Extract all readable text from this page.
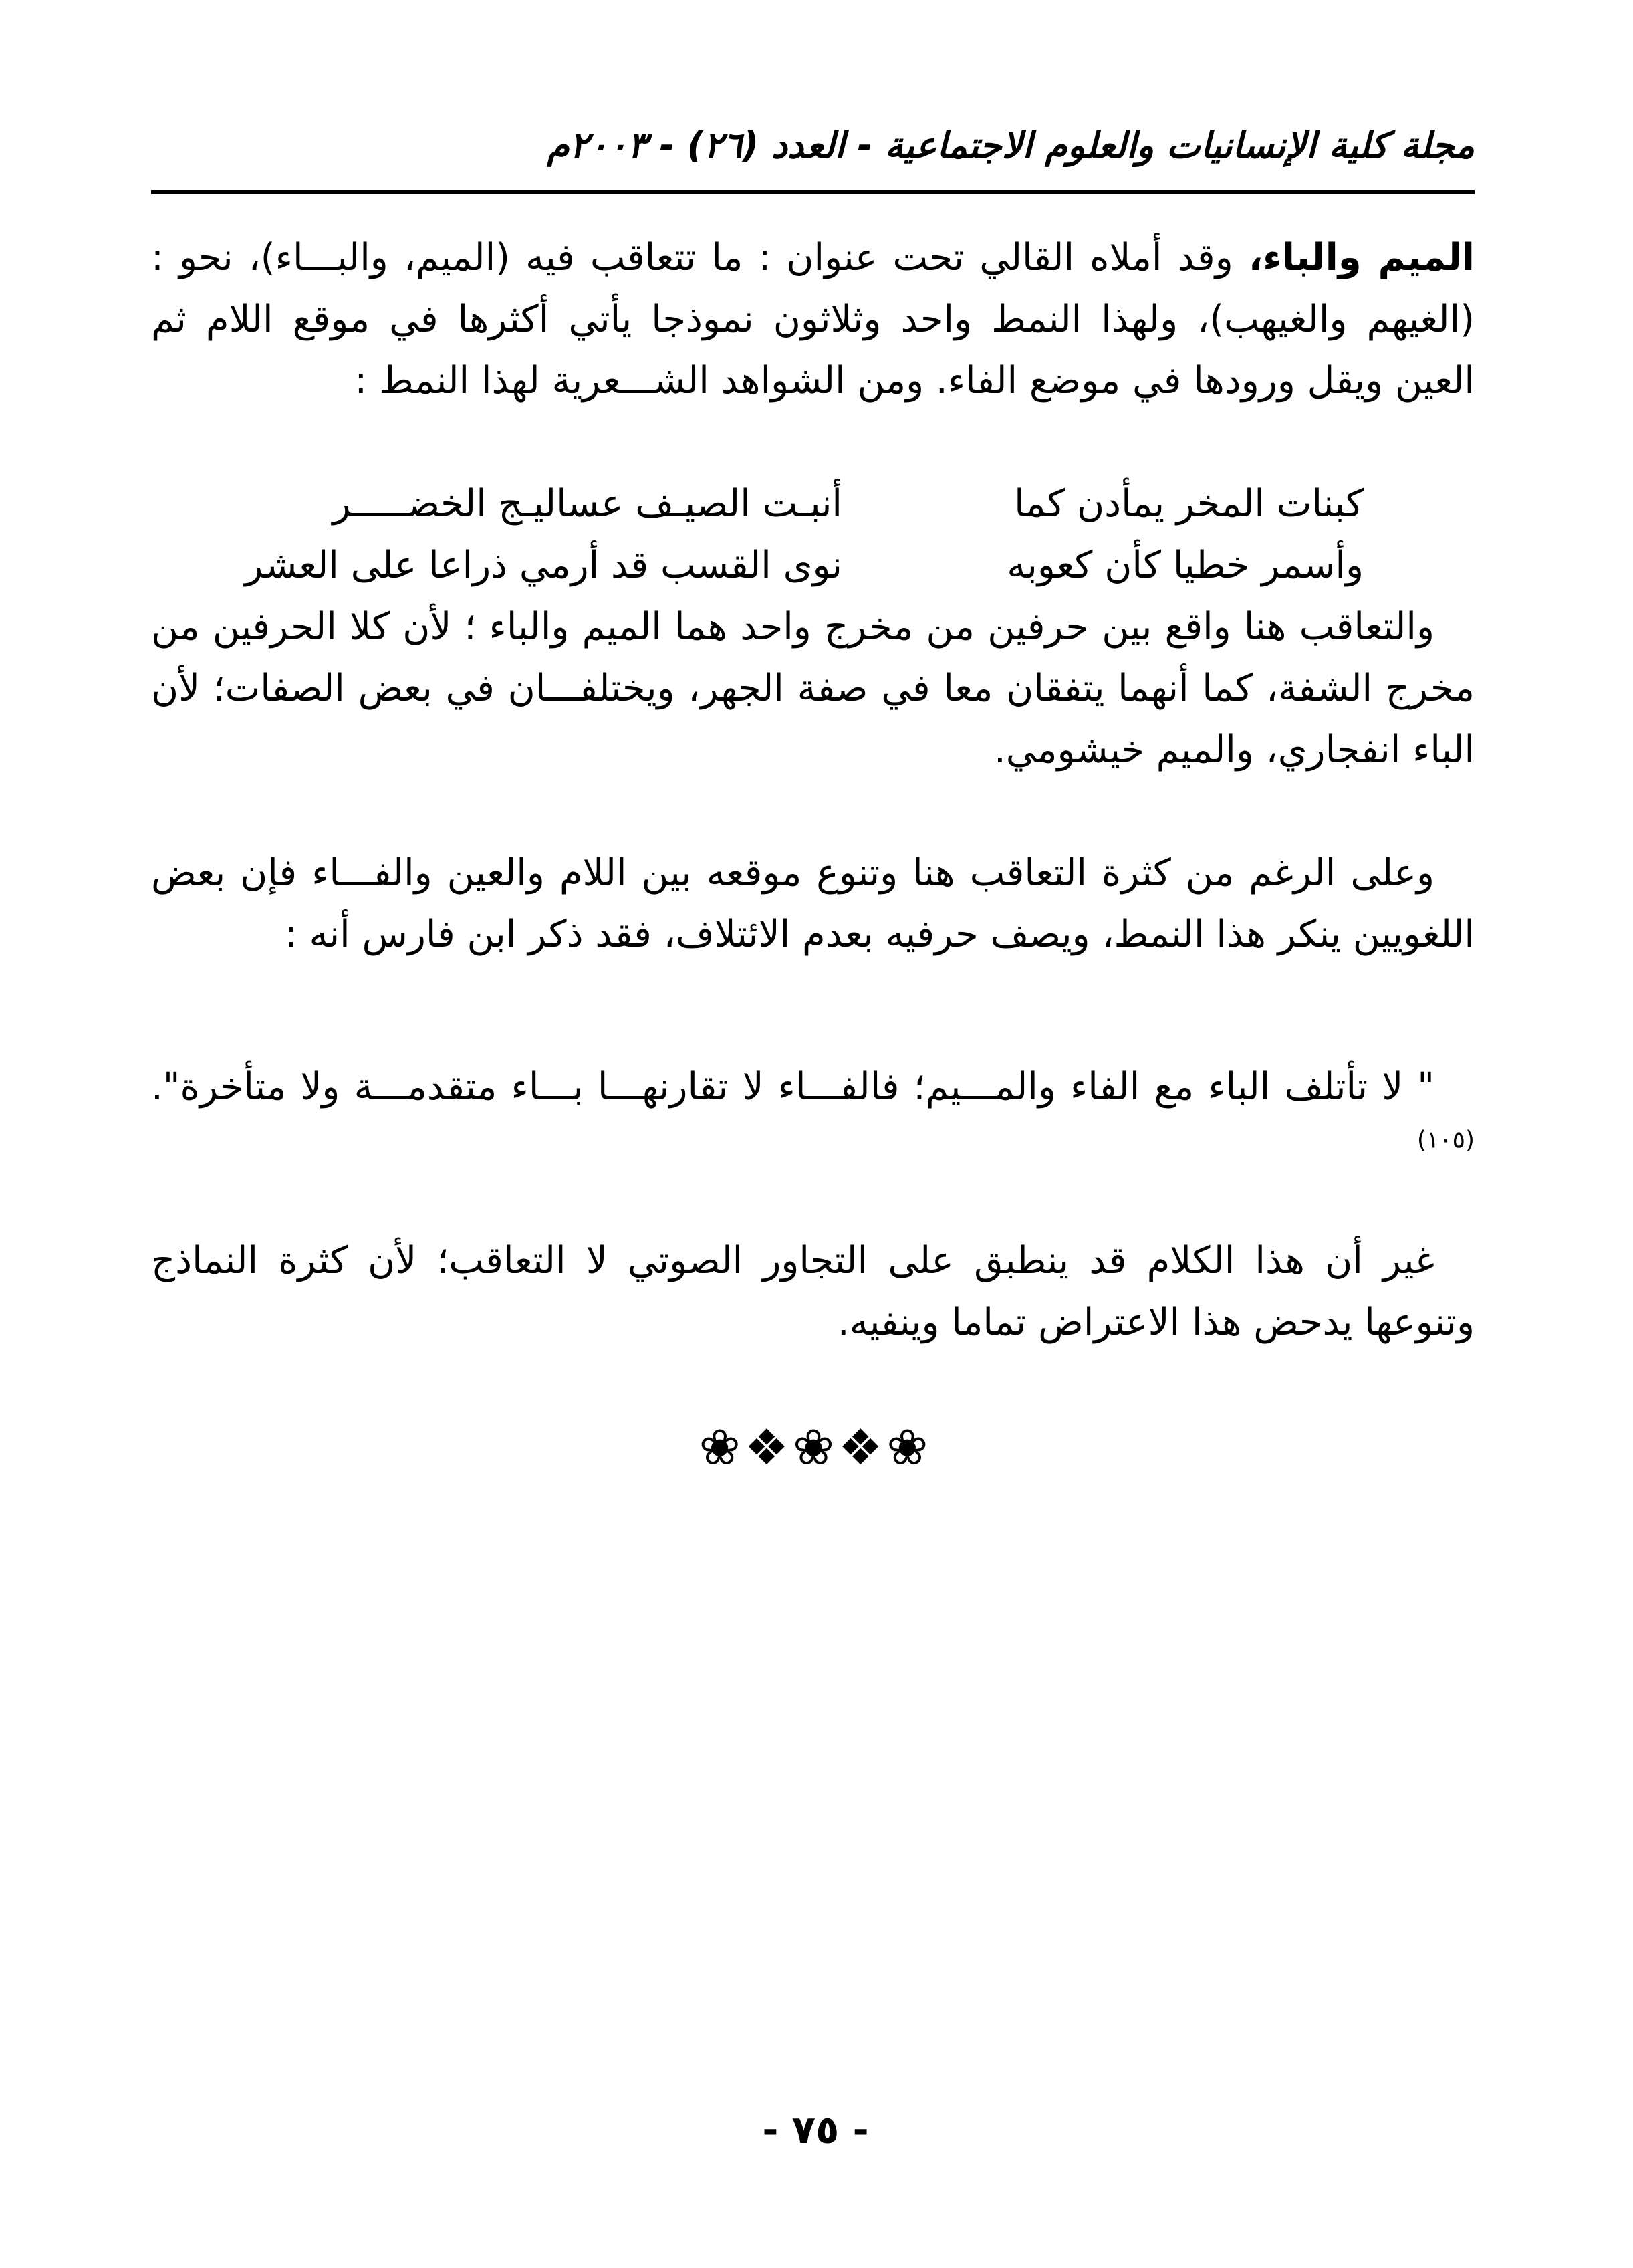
مجلة كلية الإنسانيات والعلوم الاجتماعية - العدد (٢٦) - ٢٠٠٣م
الميم والباء، وقد أملاه القالي تحت عنوان : ما تتعاقب فيه (الميم، والبـــاء)، نحو : (الغيهم والغيهب)، ولهذا النمط واحد وثلاثون نموذجا يأتي أكثرها في موقع اللام ثم العين ويقل ورودها في موضع الفاء. ومن الشواهد الشـــعرية لهذا النمط :
كبنات المخر يمأدن كما
أنبـت الصيـف عساليـج الخضـــــر
وأسمر خطيا كأن كعوبه
نوى القسب قد أرمي ذراعا على العشر
والتعاقب هنا واقع بين حرفين من مخرج واحد هما الميم والباء ؛ لأن كلا الحرفين من مخرج الشفة، كما أنهما يتفقان معا في صفة الجهر، ويختلفـــان في بعض الصفات؛ لأن الباء انفجاري، والميم خيشومي.
وعلى الرغم من كثرة التعاقب هنا وتنوع موقعه بين اللام والعين والفـــاء فإن بعض اللغويين ينكر هذا النمط، ويصف حرفيه بعدم الائتلاف، فقد ذكر ابن فارس أنه :
" لا تأتلف الباء مع الفاء والمـــيم؛ فالفـــاء لا تقارنهـــا بـــاء متقدمـــة ولا متأخرة".$^{(١٠٥)}$
غير أن هذا الكلام قد ينطبق على التجاور الصوتي لا التعاقب؛ لأن كثرة النماذج وتنوعها يدحض هذا الاعتراض تماما وينفيه.
❀❖❀❖❀
- ٧٥ -
